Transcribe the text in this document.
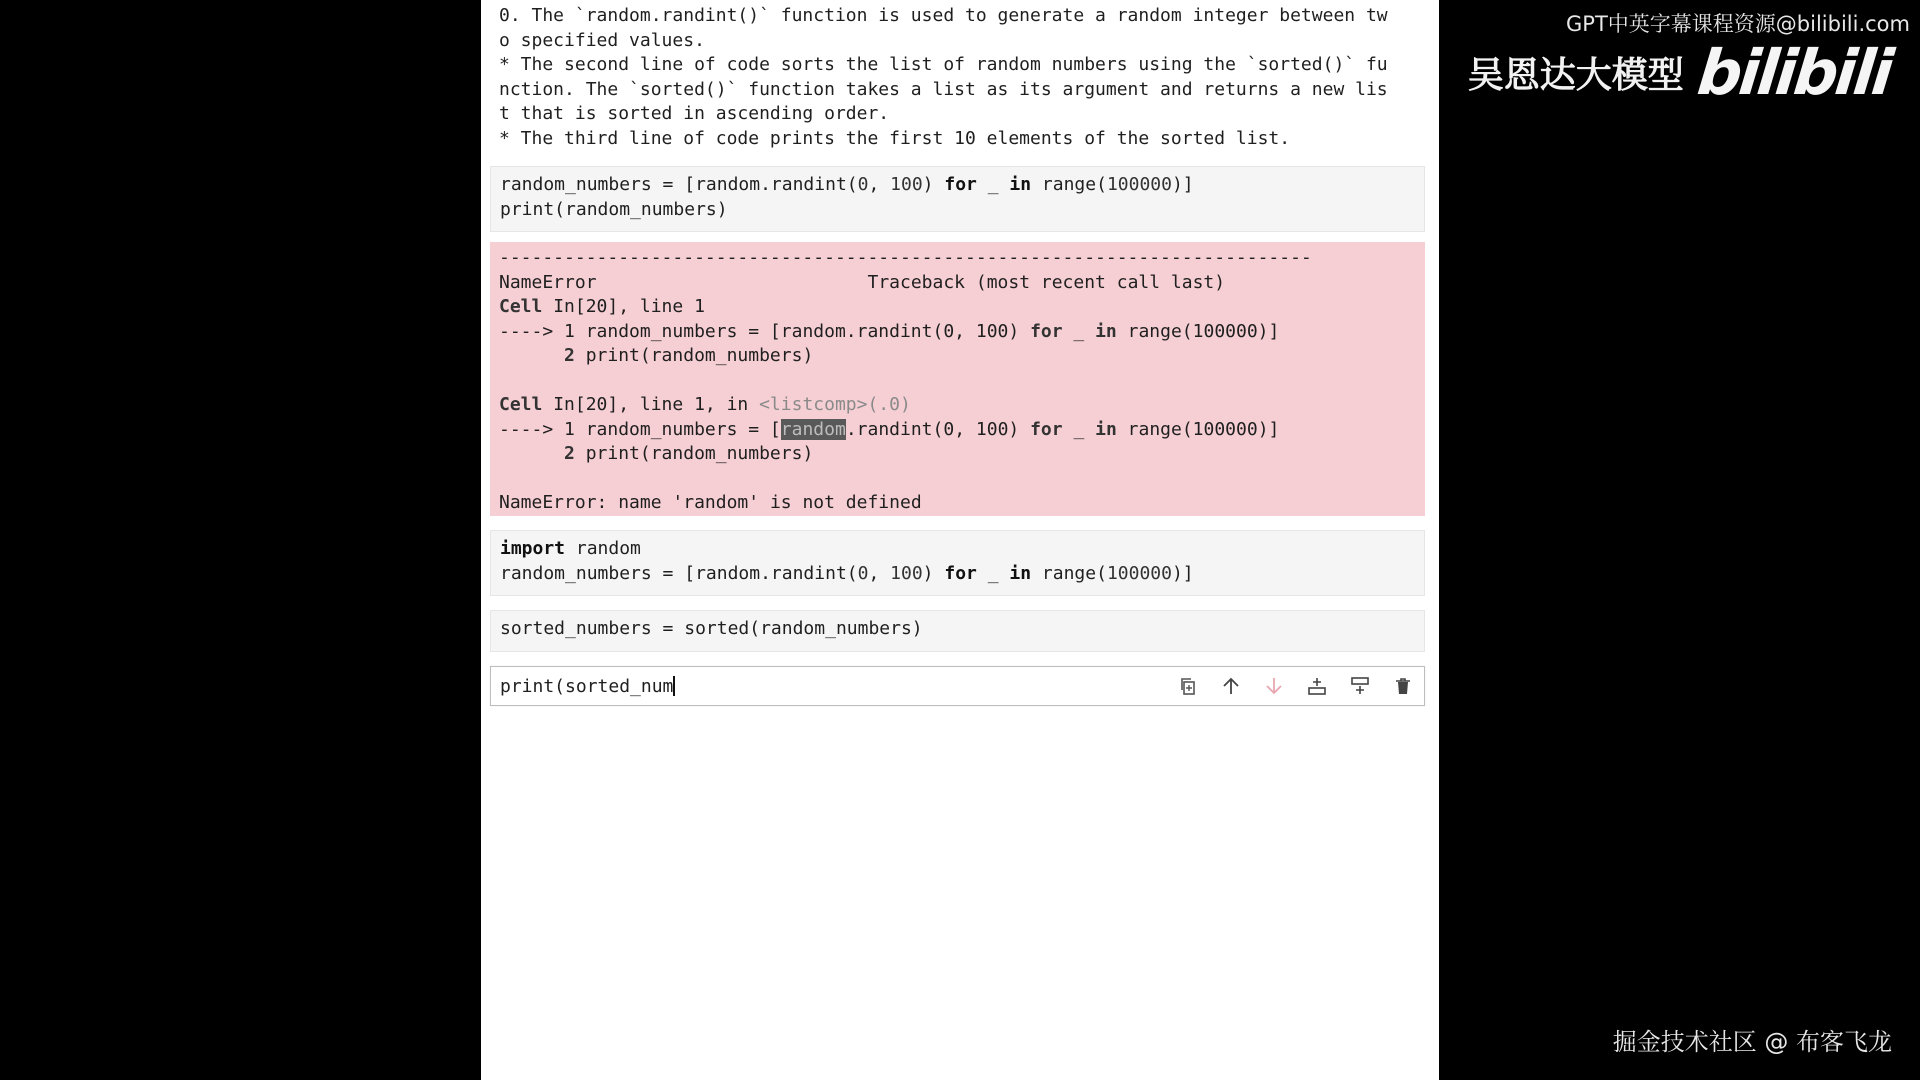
0. The `random.randint()` function is used to generate a random integer between tw
o specified values.
* The second line of code sorts the list of random numbers using the `sorted()` fu
nction. The `sorted()` function takes a list as its argument and returns a new lis
t that is sorted in ascending order.
* The third line of code prints the first 10 elements of the sorted list.
random_numbers = [random.randint(0, 100) for _ in range(100000)]
print(random_numbers)
---------------------------------------------------------------------------
NameError	Traceback (most recent call last)
Cell In[20], line 1
----> 1 random_numbers = [random.randint(0, 100) for _ in range(100000)]
2 print(random_numbers)

Cell In[20], line 1, in <listcomp>(.0)
----> 1 random_numbers = [random.randint(0, 100) for _ in range(100000)]
2 print(random_numbers)

NameError: name 'random' is not defined
import random
random_numbers = [random.randint(0, 100) for _ in range(100000)]
sorted_numbers = sorted(random_numbers)
print(sorted_num
GPT中英字幕课程资源@bilibili.com
吴恩达大模型 bilibili
掘金技术社区 @ 布客飞龙
